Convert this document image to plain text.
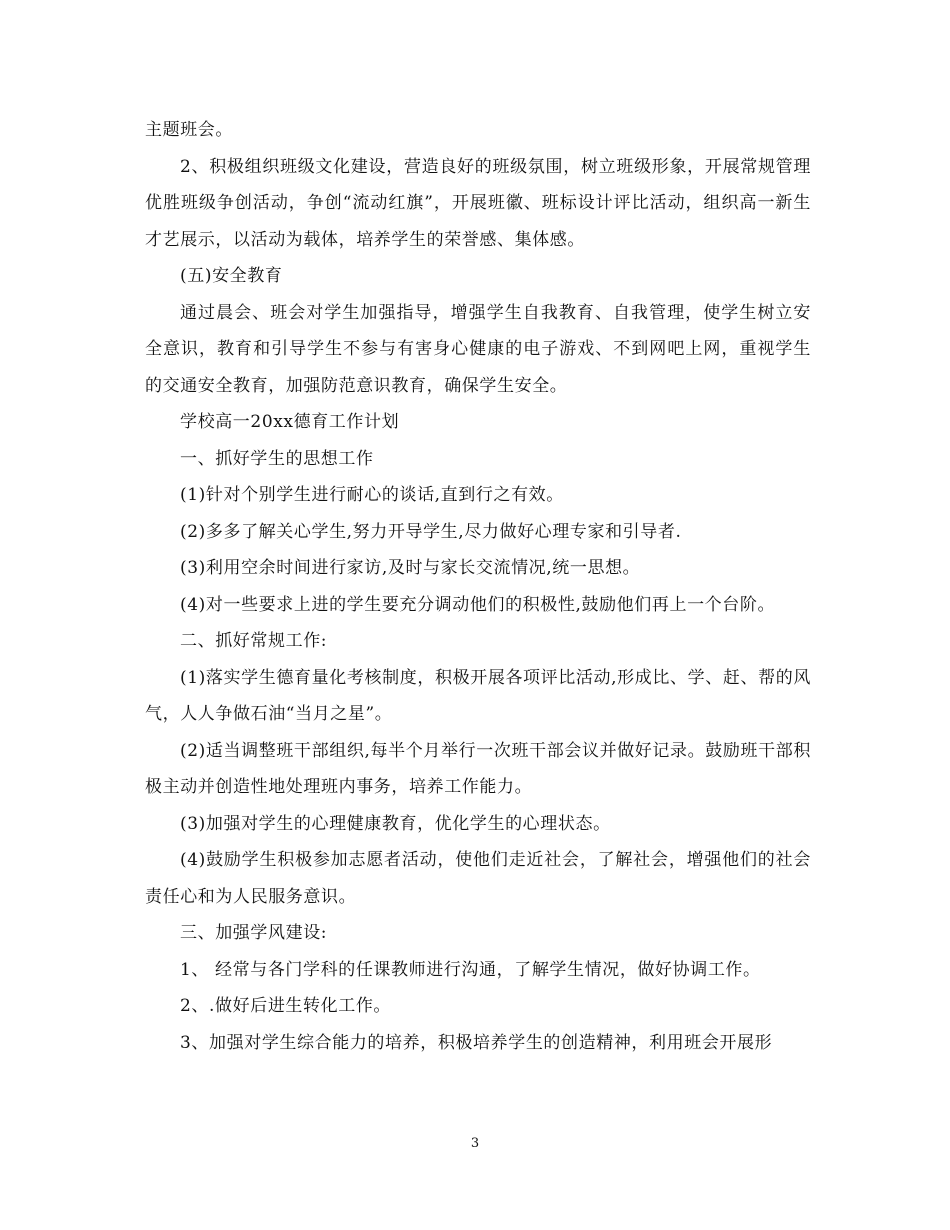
主题班会。

2、积极组织班级文化建设，营造良好的班级氛围，树立班级形象，开展常规管理优胜班级争创活动，争创“流动红旗”，开展班徽、班标设计评比活动，组织高一新生才艺展示，以活动为载体，培养学生的荣誉感、集体感。

(五)安全教育

通过晨会、班会对学生加强指导，增强学生自我教育、自我管理，使学生树立安全意识，教育和引导学生不参与有害身心健康的电子游戏、不到网吧上网，重视学生的交通安全教育，加强防范意识教育，确保学生安全。

学校高一20xx德育工作计划

一、抓好学生的思想工作

(1)针对个别学生进行耐心的谈话,直到行之有效。

(2)多多了解关心学生,努力开导学生,尽力做好心理专家和引导者.

(3)利用空余时间进行家访,及时与家长交流情况,统一思想。

(4)对一些要求上进的学生要充分调动他们的积极性,鼓励他们再上一个台阶。

二、抓好常规工作:

(1)落实学生德育量化考核制度，积极开展各项评比活动,形成比、学、赶、帮的风气，人人争做石油“当月之星”。

(2)适当调整班干部组织,每半个月举行一次班干部会议并做好记录。鼓励班干部积极主动并创造性地处理班内事务，培养工作能力。

(3)加强对学生的心理健康教育，优化学生的心理状态。

(4)鼓励学生积极参加志愿者活动，使他们走近社会，了解社会，增强他们的社会责任心和为人民服务意识。

三、加强学风建设:

1、 经常与各门学科的任课教师进行沟通，了解学生情况，做好协调工作。

2、.做好后进生转化工作。

3、加强对学生综合能力的培养，积极培养学生的创造精神，利用班会开展形

3
